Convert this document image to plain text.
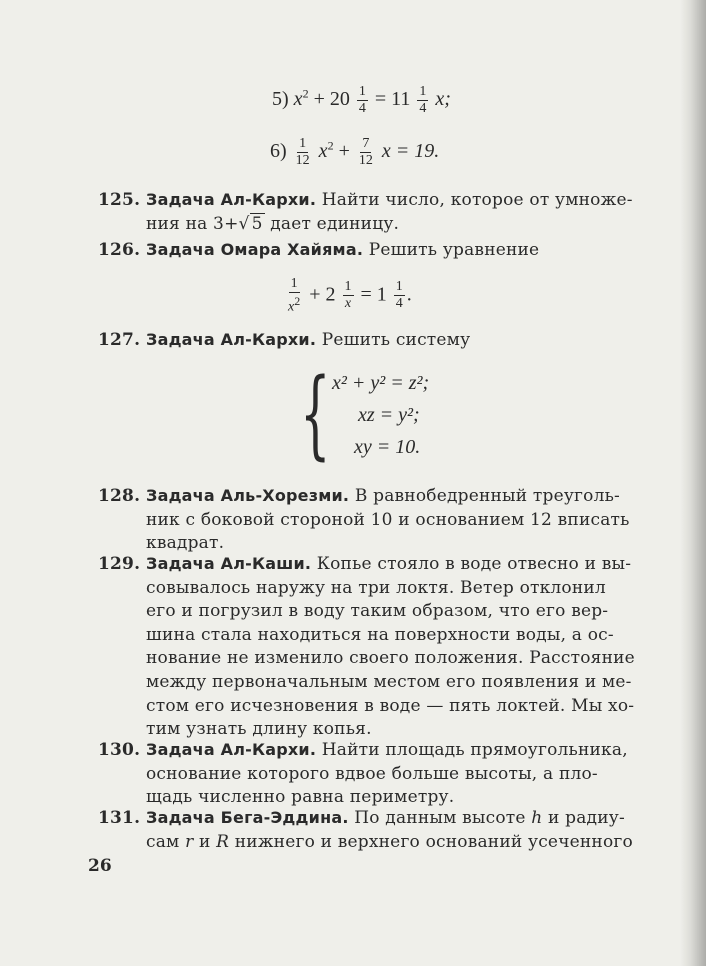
5) $x^2 + 20 \frac{1}{4} = 11 \frac{1}{4} x$;
$6) \frac{1}{12} x^2 + \frac{7}{12}$ x = 19.
125. Задача Ал-Кархи. Найти число, которое от умноже-
ния на 3+√ 5 дает единицу.
126. Задача Омара Хайяма. Решить уравнение
$\frac{1}{x2} + 2 \frac{1}{x} = 1 \frac{1}{4}$ .
127. Задача Ал-Кархи. Решить систему
{ x² + y² = z²;
xz = y²;
xy = 10.
128. Задача Аль-Хорезми. В равнобедренный треуголь-
ник с боковой стороной 10 и основанием 12 вписать
квадрат.
129. Задача Ал-Каши. Копье стояло в воде отвесно и вы-
совывалось наружу на три локтя. Ветер отклонил
его и погрузил в воду таким образом, что его вер-
шина стала находиться на поверхности воды, а ос-
нование не изменило своего положения. Расстояние
между первоначальным местом его появления и ме-
стом его исчезновения в воде — пять локтей. Мы хо-
тим узнать длину копья.
130. Задача Ал-Кархи. Найти площадь прямоугольника,
основание которого вдвое больше высоты, а пло-
щадь численно равна периметру.
131. Задача Бега-Эддина. По данным высоте h и радиу-
сам r и R нижнего и верхнего оснований усеченного
26
